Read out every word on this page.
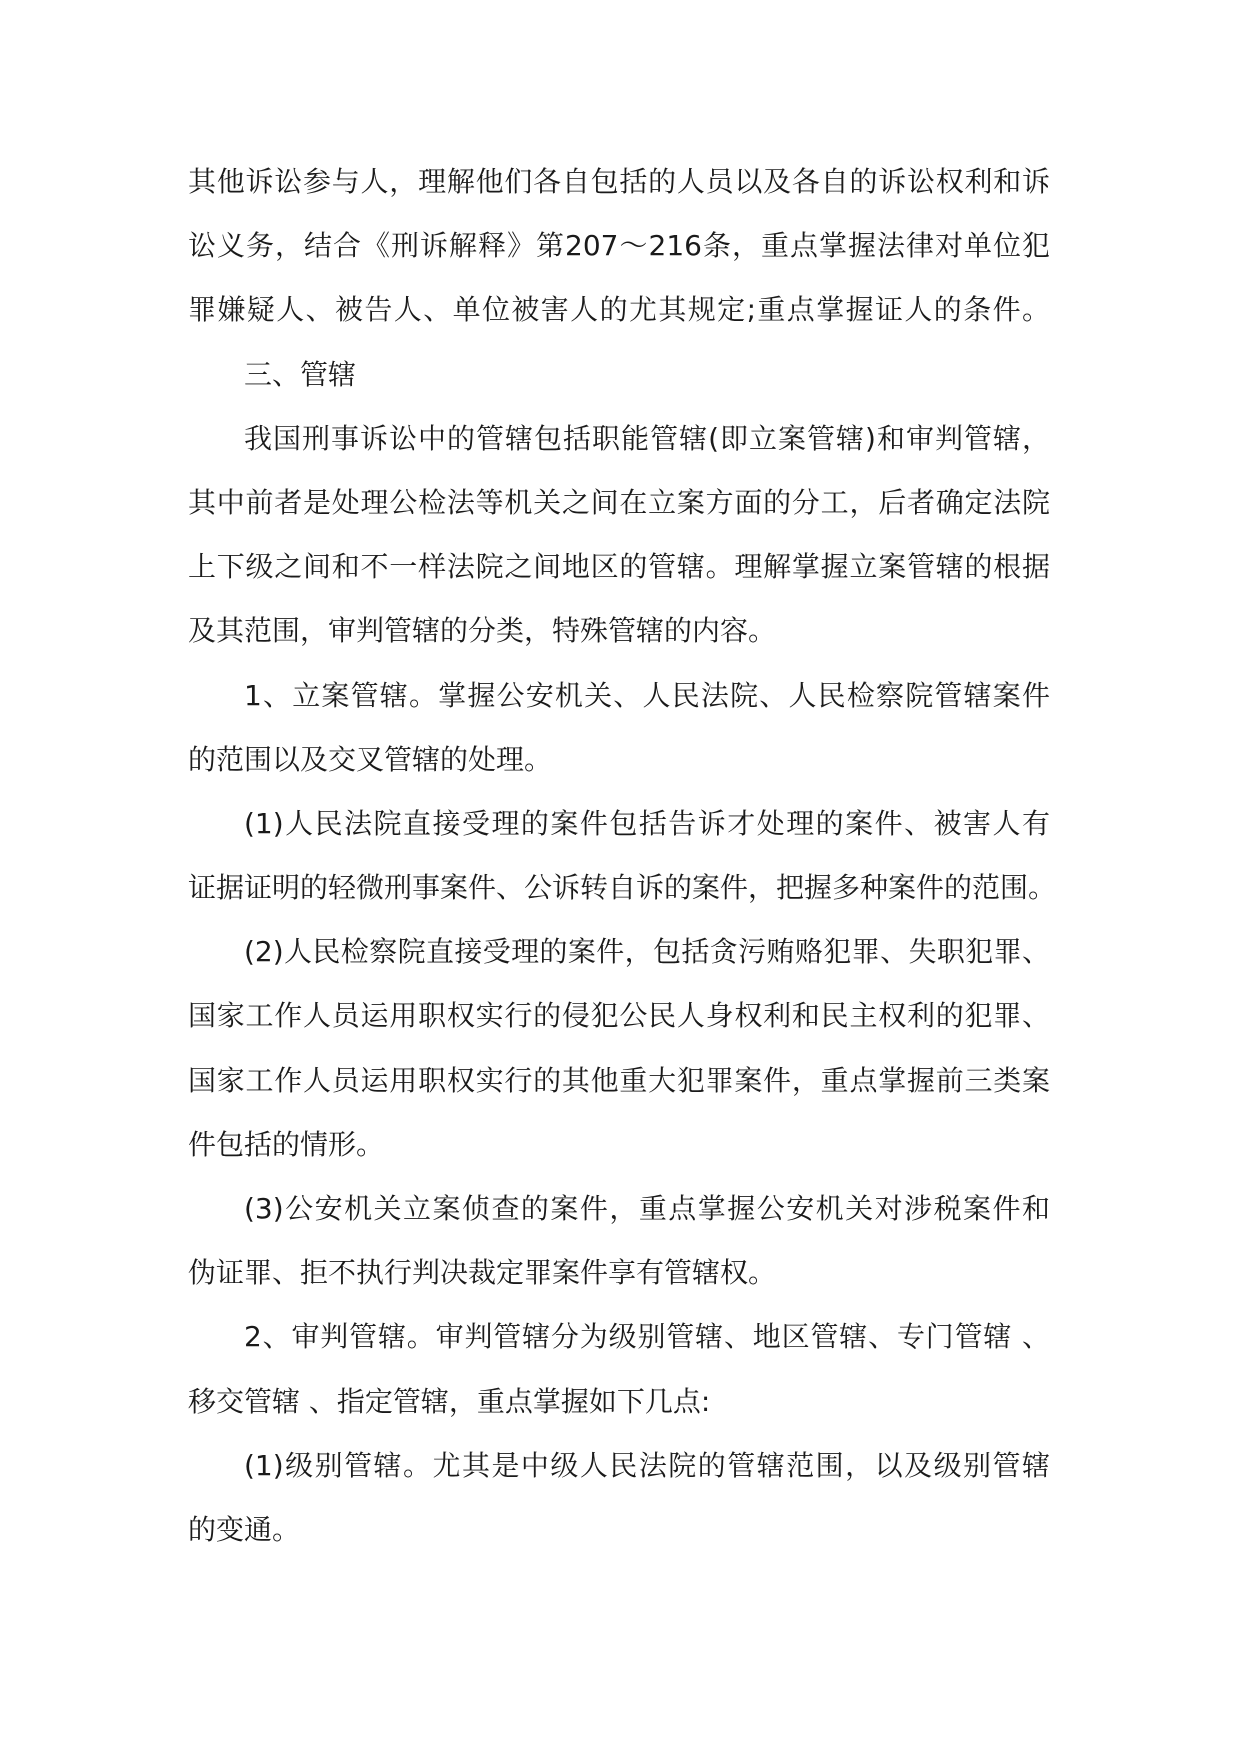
其他诉讼参与人，理解他们各自包括的人员以及各自的诉讼权利和诉
讼义务，结合《刑诉解释》第207～216条，重点掌握法律对单位犯
罪嫌疑人、被告人、单位被害人的尤其规定;重点掌握证人的条件。
三、管辖
我国刑事诉讼中的管辖包括职能管辖(即立案管辖)和审判管辖，
其中前者是处理公检法等机关之间在立案方面的分工，后者确定法院
上下级之间和不一样法院之间地区的管辖。理解掌握立案管辖的根据
及其范围，审判管辖的分类，特殊管辖的内容。
1、立案管辖。掌握公安机关、人民法院、人民检察院管辖案件
的范围以及交叉管辖的处理。
(1)人民法院直接受理的案件包括告诉才处理的案件、被害人有
证据证明的轻微刑事案件、公诉转自诉的案件，把握多种案件的范围。
(2)人民检察院直接受理的案件，包括贪污贿赂犯罪、失职犯罪、
国家工作人员运用职权实行的侵犯公民人身权利和民主权利的犯罪、
国家工作人员运用职权实行的其他重大犯罪案件，重点掌握前三类案
件包括的情形。
(3)公安机关立案侦查的案件，重点掌握公安机关对涉税案件和
伪证罪、拒不执行判决裁定罪案件享有管辖权。
2、审判管辖。审判管辖分为级别管辖、地区管辖、专门管辖 、
移交管辖 、指定管辖，重点掌握如下几点:
(1)级别管辖。尤其是中级人民法院的管辖范围，以及级别管辖
的变通。
